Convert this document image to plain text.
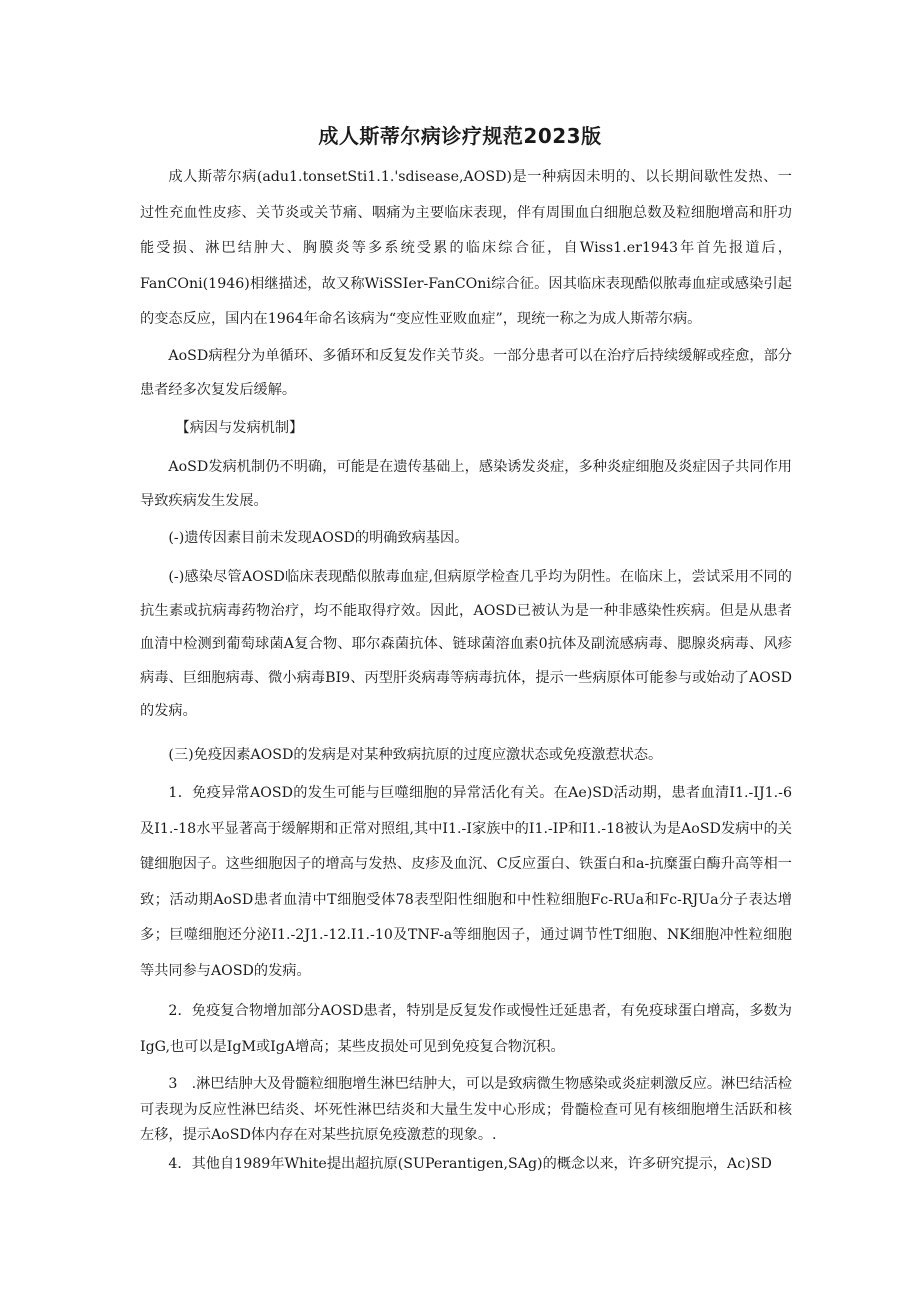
成人斯蒂尔病诊疗规范2023版

成人斯蒂尔病(adu1.tonsetSti1.1.'sdisease,AOSD)是一种病因未明的、以长期间歇性发热、一过性充血性皮疹、关节炎或关节痛、咽痛为主要临床表现，伴有周围血白细胞总数及粒细胞增高和肝功能受损、淋巴结肿大、胸膜炎等多系统受累的临床综合征，自Wiss1.er1943年首先报道后，FanCOni(1946)相继描述，故又称WiSSIer-FanCOni综合征。因其临床表现酷似脓毒血症或感染引起的变态反应，国内在1964年命名该病为“变应性亚败血症”，现统一称之为成人斯蒂尔病。

AoSD病程分为单循环、多循环和反复发作关节炎。一部分患者可以在治疗后持续缓解或痊愈，部分患者经多次复发后缓解。

【病因与发病机制】

AoSD发病机制仍不明确，可能是在遗传基础上，感染诱发炎症，多种炎症细胞及炎症因子共同作用导致疾病发生发展。

(-)遗传因素目前未发现AOSD的明确致病基因。

(-)感染尽管AOSD临床表现酷似脓毒血症,但病原学检查几乎均为阴性。在临床上，尝试采用不同的抗生素或抗病毒药物治疗，均不能取得疗效。因此，AOSD已被认为是一种非感染性疾病。但是从患者血清中检测到葡萄球菌A复合物、耶尔森菌抗体、链球菌溶血素0抗体及副流感病毒、腮腺炎病毒、风疹病毒、巨细胞病毒、微小病毒BI9、丙型肝炎病毒等病毒抗体，提示一些病原体可能参与或始动了AOSD的发病。

(三)免疫因素AOSD的发病是对某种致病抗原的过度应激状态或免疫激惹状态。

1．免疫异常AOSD的发生可能与巨噬细胞的异常活化有关。在Ae)SD活动期，患者血清I1.-IJ1.-6及I1.-18水平显著高于缓解期和正常对照组,其中I1.-I家族中的I1.-IP和I1.-18被认为是AoSD发病中的关键细胞因子。这些细胞因子的增高与发热、皮疹及血沉、C反应蛋白、铁蛋白和a-抗糜蛋白酶升高等相一致；活动期AoSD患者血清中T细胞受体78表型阳性细胞和中性粒细胞Fc-RUa和Fc-RJUa分子表达增多；巨噬细胞还分泌I1.-2J1.-12.I1.-10及TNF-a等细胞因子，通过调节性T细胞、NK细胞冲性粒细胞等共同参与AOSD的发病。

2．免疫复合物增加部分AOSD患者，特别是反复发作或慢性迁延患者，有免疫球蛋白增高，多数为IgG,也可以是IgM或IgA增高；某些皮损处可见到免疫复合物沉积。

3　.淋巴结肿大及骨髓粒细胞增生淋巴结肿大，可以是致病微生物感染或炎症刺激反应。淋巴结活检可表现为反应性淋巴结炎、坏死性淋巴结炎和大量生发中心形成；骨髓检查可见有核细胞增生活跃和核左移，提示AoSD体内存在对某些抗原免疫激惹的现象。.

4．其他自1989年White提出超抗原(SUPerantigen,SAg)的概念以来，许多研究提示，Ac)SD
